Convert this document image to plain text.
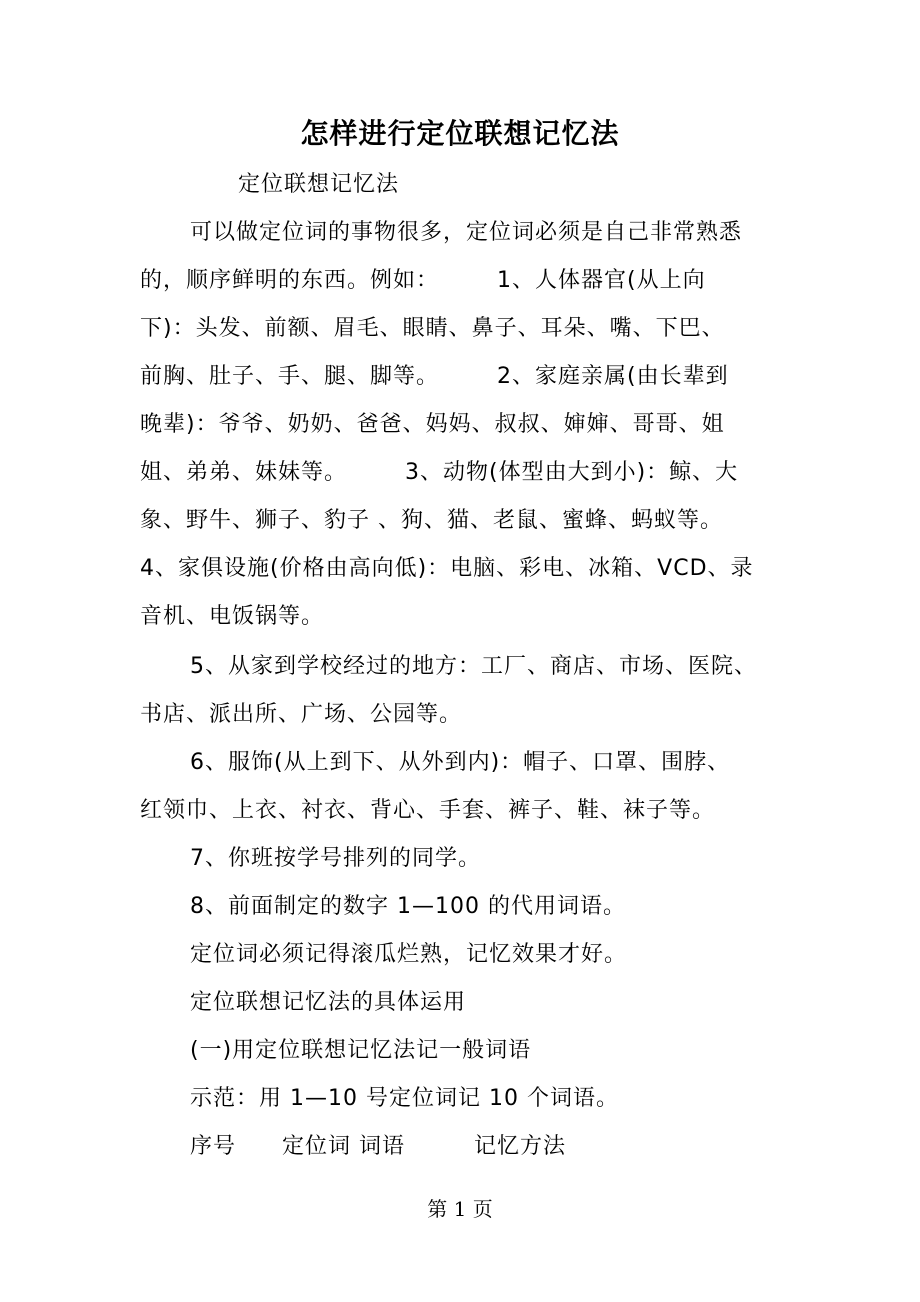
怎样进行定位联想记忆法

定位联想记忆法

可以做定位词的事物很多，定位词必须是自己非常熟悉

的，顺序鲜明的东西。例如：　　　1、人体器官(从上向

下)：头发、前额、眉毛、眼睛、鼻子、耳朵、嘴、下巴、

前胸、肚子、手、腿、脚等。　　　2、家庭亲属(由长辈到

晚辈)：爷爷、奶奶、爸爸、妈妈、叔叔、婶婶、哥哥、姐

姐、弟弟、妹妹等。　　　3、动物(体型由大到小)：鲸、大

象、野牛、狮子、豹子 、狗、猫、老鼠、蜜蜂、蚂蚁等。

4、家俱设施(价格由高向低)：电脑、彩电、冰箱、VCD、录

音机、电饭锅等。

5、从家到学校经过的地方：工厂、商店、市场、医院、

书店、派出所、广场、公园等。

6、服饰(从上到下、从外到内)：帽子、口罩、围脖、

红领巾、上衣、衬衣、背心、手套、裤子、鞋、袜子等。

7、你班按学号排列的同学。

8、前面制定的数字 1—100 的代用词语。

定位词必须记得滚瓜烂熟，记忆效果才好。

定位联想记忆法的具体运用

(一)用定位联想记忆法记一般词语

示范：用 1—10 号定位词记 10 个词语。

序号　　定位词 词语　　　记忆方法

第 1 页
